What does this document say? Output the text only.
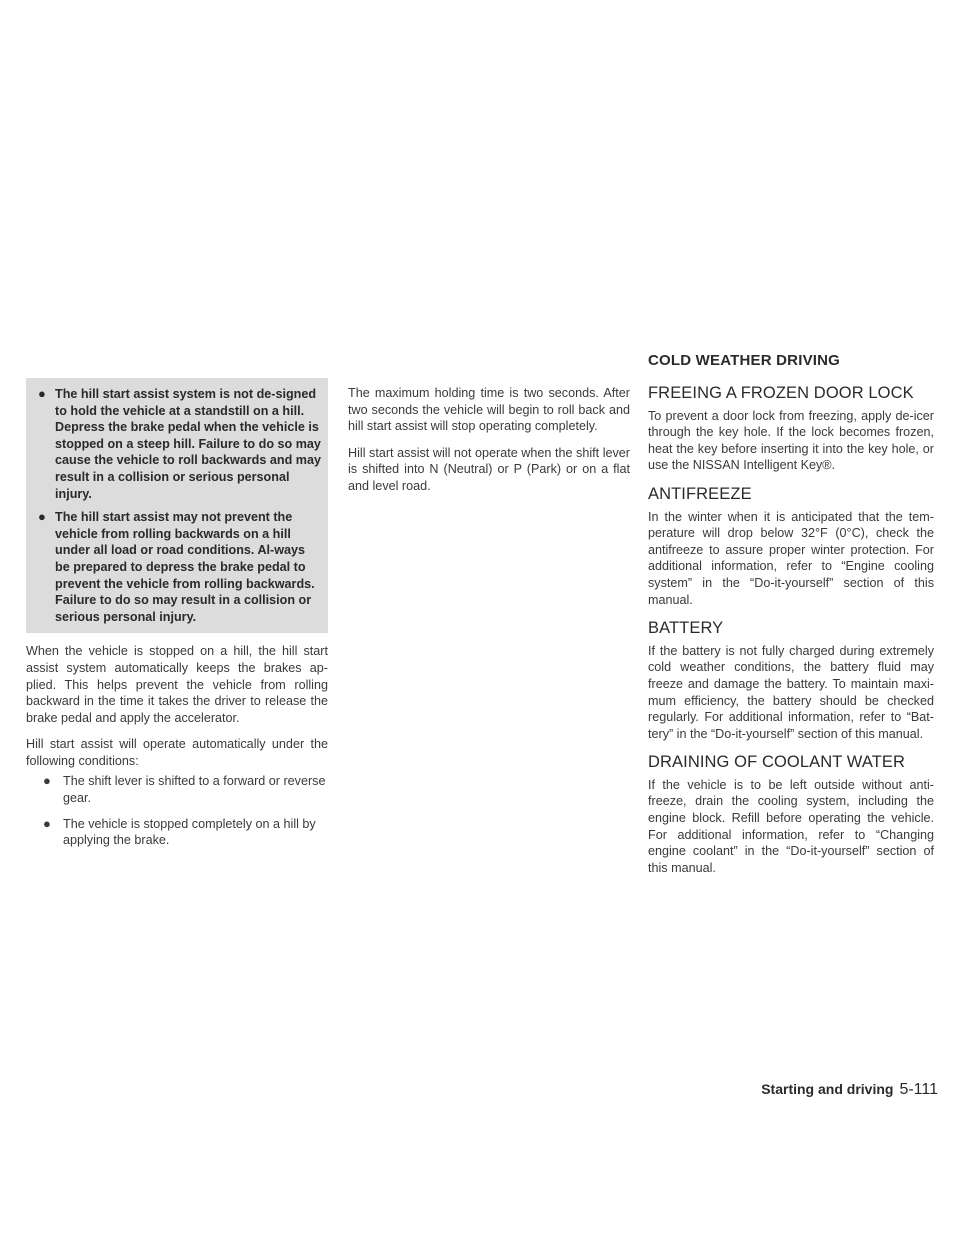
COLD WEATHER DRIVING
● The hill start assist system is not de-signed to hold the vehicle at a standstill on a hill. Depress the brake pedal when the vehicle is stopped on a steep hill. Failure to do so may cause the vehicle to roll backwards and may result in a collision or serious personal injury.
● The hill start assist may not prevent the vehicle from rolling backwards on a hill under all load or road conditions. Al-ways be prepared to depress the brake pedal to prevent the vehicle from rolling backwards. Failure to do so may result in a collision or serious personal injury.

When the vehicle is stopped on a hill, the hill start assist system automatically keeps the brakes ap-plied. This helps prevent the vehicle from rolling backward in the time it takes the driver to release the brake pedal and apply the accelerator.

Hill start assist will operate automatically under the following conditions:

● The shift lever is shifted to a forward or reverse gear.
● The vehicle is stopped completely on a hill by applying the brake.

The maximum holding time is two seconds. After two seconds the vehicle will begin to roll back and hill start assist will stop operating completely.

Hill start assist will not operate when the shift lever is shifted into N (Neutral) or P (Park) or on a flat and level road.

FREEING A FROZEN DOOR LOCK

To prevent a door lock from freezing, apply de-icer through the key hole. If the lock becomes frozen, heat the key before inserting it into the key hole, or use the NISSAN Intelligent Key®.

ANTIFREEZE

In the winter when it is anticipated that the tem-perature will drop below 32°F (0°C), check the antifreeze to assure proper winter protection. For additional information, refer to “Engine cooling system” in the “Do-it-yourself” section of this manual.

BATTERY

If the battery is not fully charged during extremely cold weather conditions, the battery fluid may freeze and damage the battery. To maintain maxi-mum efficiency, the battery should be checked regularly. For additional information, refer to “Bat-tery” in the “Do-it-yourself” section of this manual.

DRAINING OF COOLANT WATER

If the vehicle is to be left outside without anti-freeze, drain the cooling system, including the engine block. Refill before operating the vehicle. For additional information, refer to “Changing engine coolant” in the “Do-it-yourself” section of this manual.

Starting and driving 5-111
